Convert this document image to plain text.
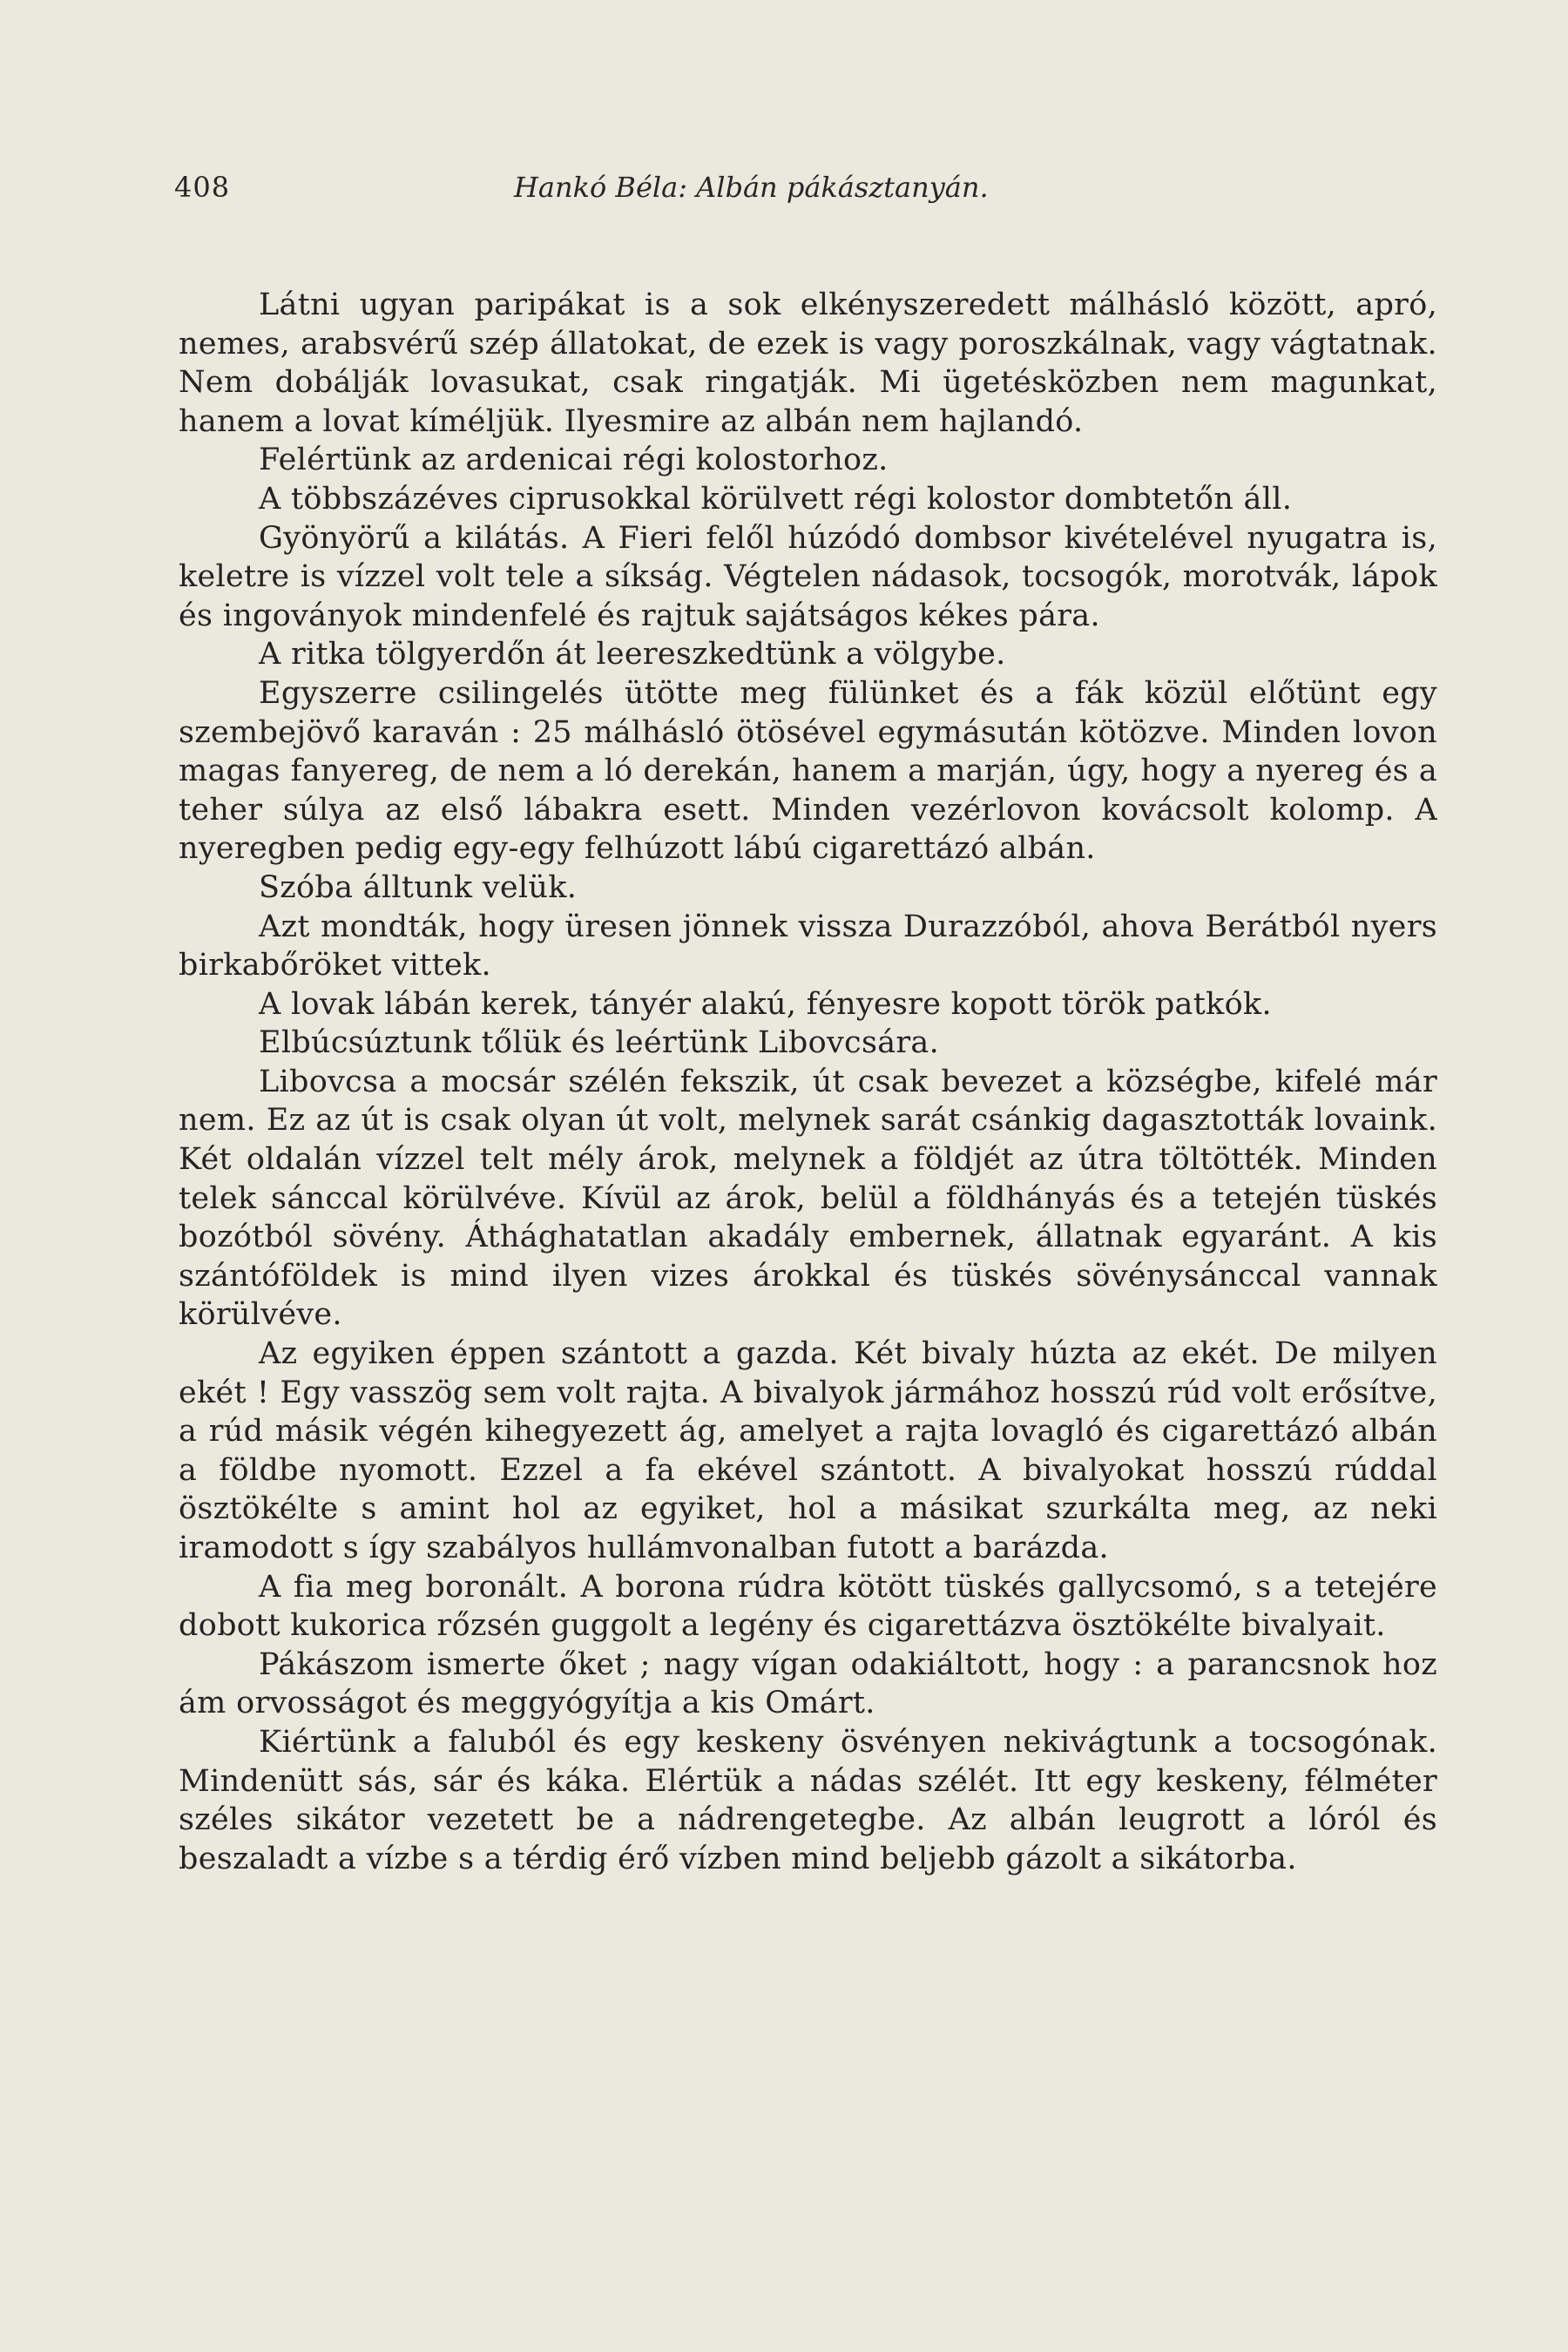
408	Hankó Béla: Albán pákásztanyán.

Látni ugyan paripákat is a sok elkényszeredett málhásló között, apró, nemes, arabsvérű szép állatokat, de ezek is vagy poroszkálnak, vagy vágtatnak. Nem dobálják lovasukat, csak ringatják. Mi ügetésközben nem magunkat, hanem a lovat kíméljük. Ilyesmire az albán nem hajlandó.

Felértünk az ardenicai régi kolostorhoz.

A többszázéves ciprusokkal körülvett régi kolostor dombtetőn áll.

Gyönyörű a kilátás. A Fieri felől húzódó dombsor kivételével nyugatra is, keletre is vízzel volt tele a síkság. Végtelen nádasok, tocsogók, morotvák, lápok és ingoványok mindenfelé és rajtuk sajátságos kékes pára.

A ritka tölgyerdőn át leereszkedtünk a völgybe.

Egyszerre csilingelés ütötte meg fülünket és a fák közül előtünt egy szembejövő karaván : 25 málhásló ötösével egymásután kötözve. Minden lovon magas fanyereg, de nem a ló derekán, hanem a marján, úgy, hogy a nyereg és a teher súlya az első lábakra esett. Minden vezérlovon kovácsolt kolomp. A nyeregben pedig egy-egy felhúzott lábú cigarettázó albán.

Szóba álltunk velük.

Azt mondták, hogy üresen jönnek vissza Durazzóból, ahova Berátból nyers birkabőröket vittek.

A lovak lábán kerek, tányér alakú, fényesre kopott török patkók.

Elbúcsúztunk tőlük és leértünk Libovcsára.

Libovcsa a mocsár szélén fekszik, út csak bevezet a községbe, kifelé már nem. Ez az út is csak olyan út volt, melynek sarát csánkig dagasztották lovaink. Két oldalán vízzel telt mély árok, melynek a földjét az útra töltötték. Minden telek sánccal körülvéve. Kívül az árok, belül a földhányás és a tetején tüskés bozótból sövény. Áthághatatlan akadály embernek, állatnak egyaránt. A kis szántóföldek is mind ilyen vizes árokkal és tüskés sövénysánccal vannak körülvéve.

Az egyiken éppen szántott a gazda. Két bivaly húzta az ekét. De milyen ekét ! Egy vasszög sem volt rajta. A bivalyok jármához hosszú rúd volt erősítve, a rúd másik végén kihegyezett ág, amelyet a rajta lovagló és cigarettázó albán a földbe nyomott. Ezzel a fa ekével szántott. A bivalyokat hosszú rúddal ösztökélte s amint hol az egyiket, hol a másikat szurkálta meg, az neki iramodott s így szabályos hullámvonalban futott a barázda.

A fia meg boronált. A borona rúdra kötött tüskés gallycsomó, s a tetejére dobott kukorica rőzsén guggolt a legény és cigarettázva ösztökélte bivalyait.

Pákászom ismerte őket ; nagy vígan odakiáltott, hogy : a parancsnok hoz ám orvosságot és meggyógyítja a kis Omárt.

Kiértünk a faluból és egy keskeny ösvényen nekivágtunk a tocsogónak. Mindenütt sás, sár és káka. Elértük a nádas szélét. Itt egy keskeny, félméter széles sikátor vezetett be a nádrengetegbe. Az albán leugrott a lóról és beszaladt a vízbe s a térdig érő vízben mind beljebb gázolt a sikátorba.
